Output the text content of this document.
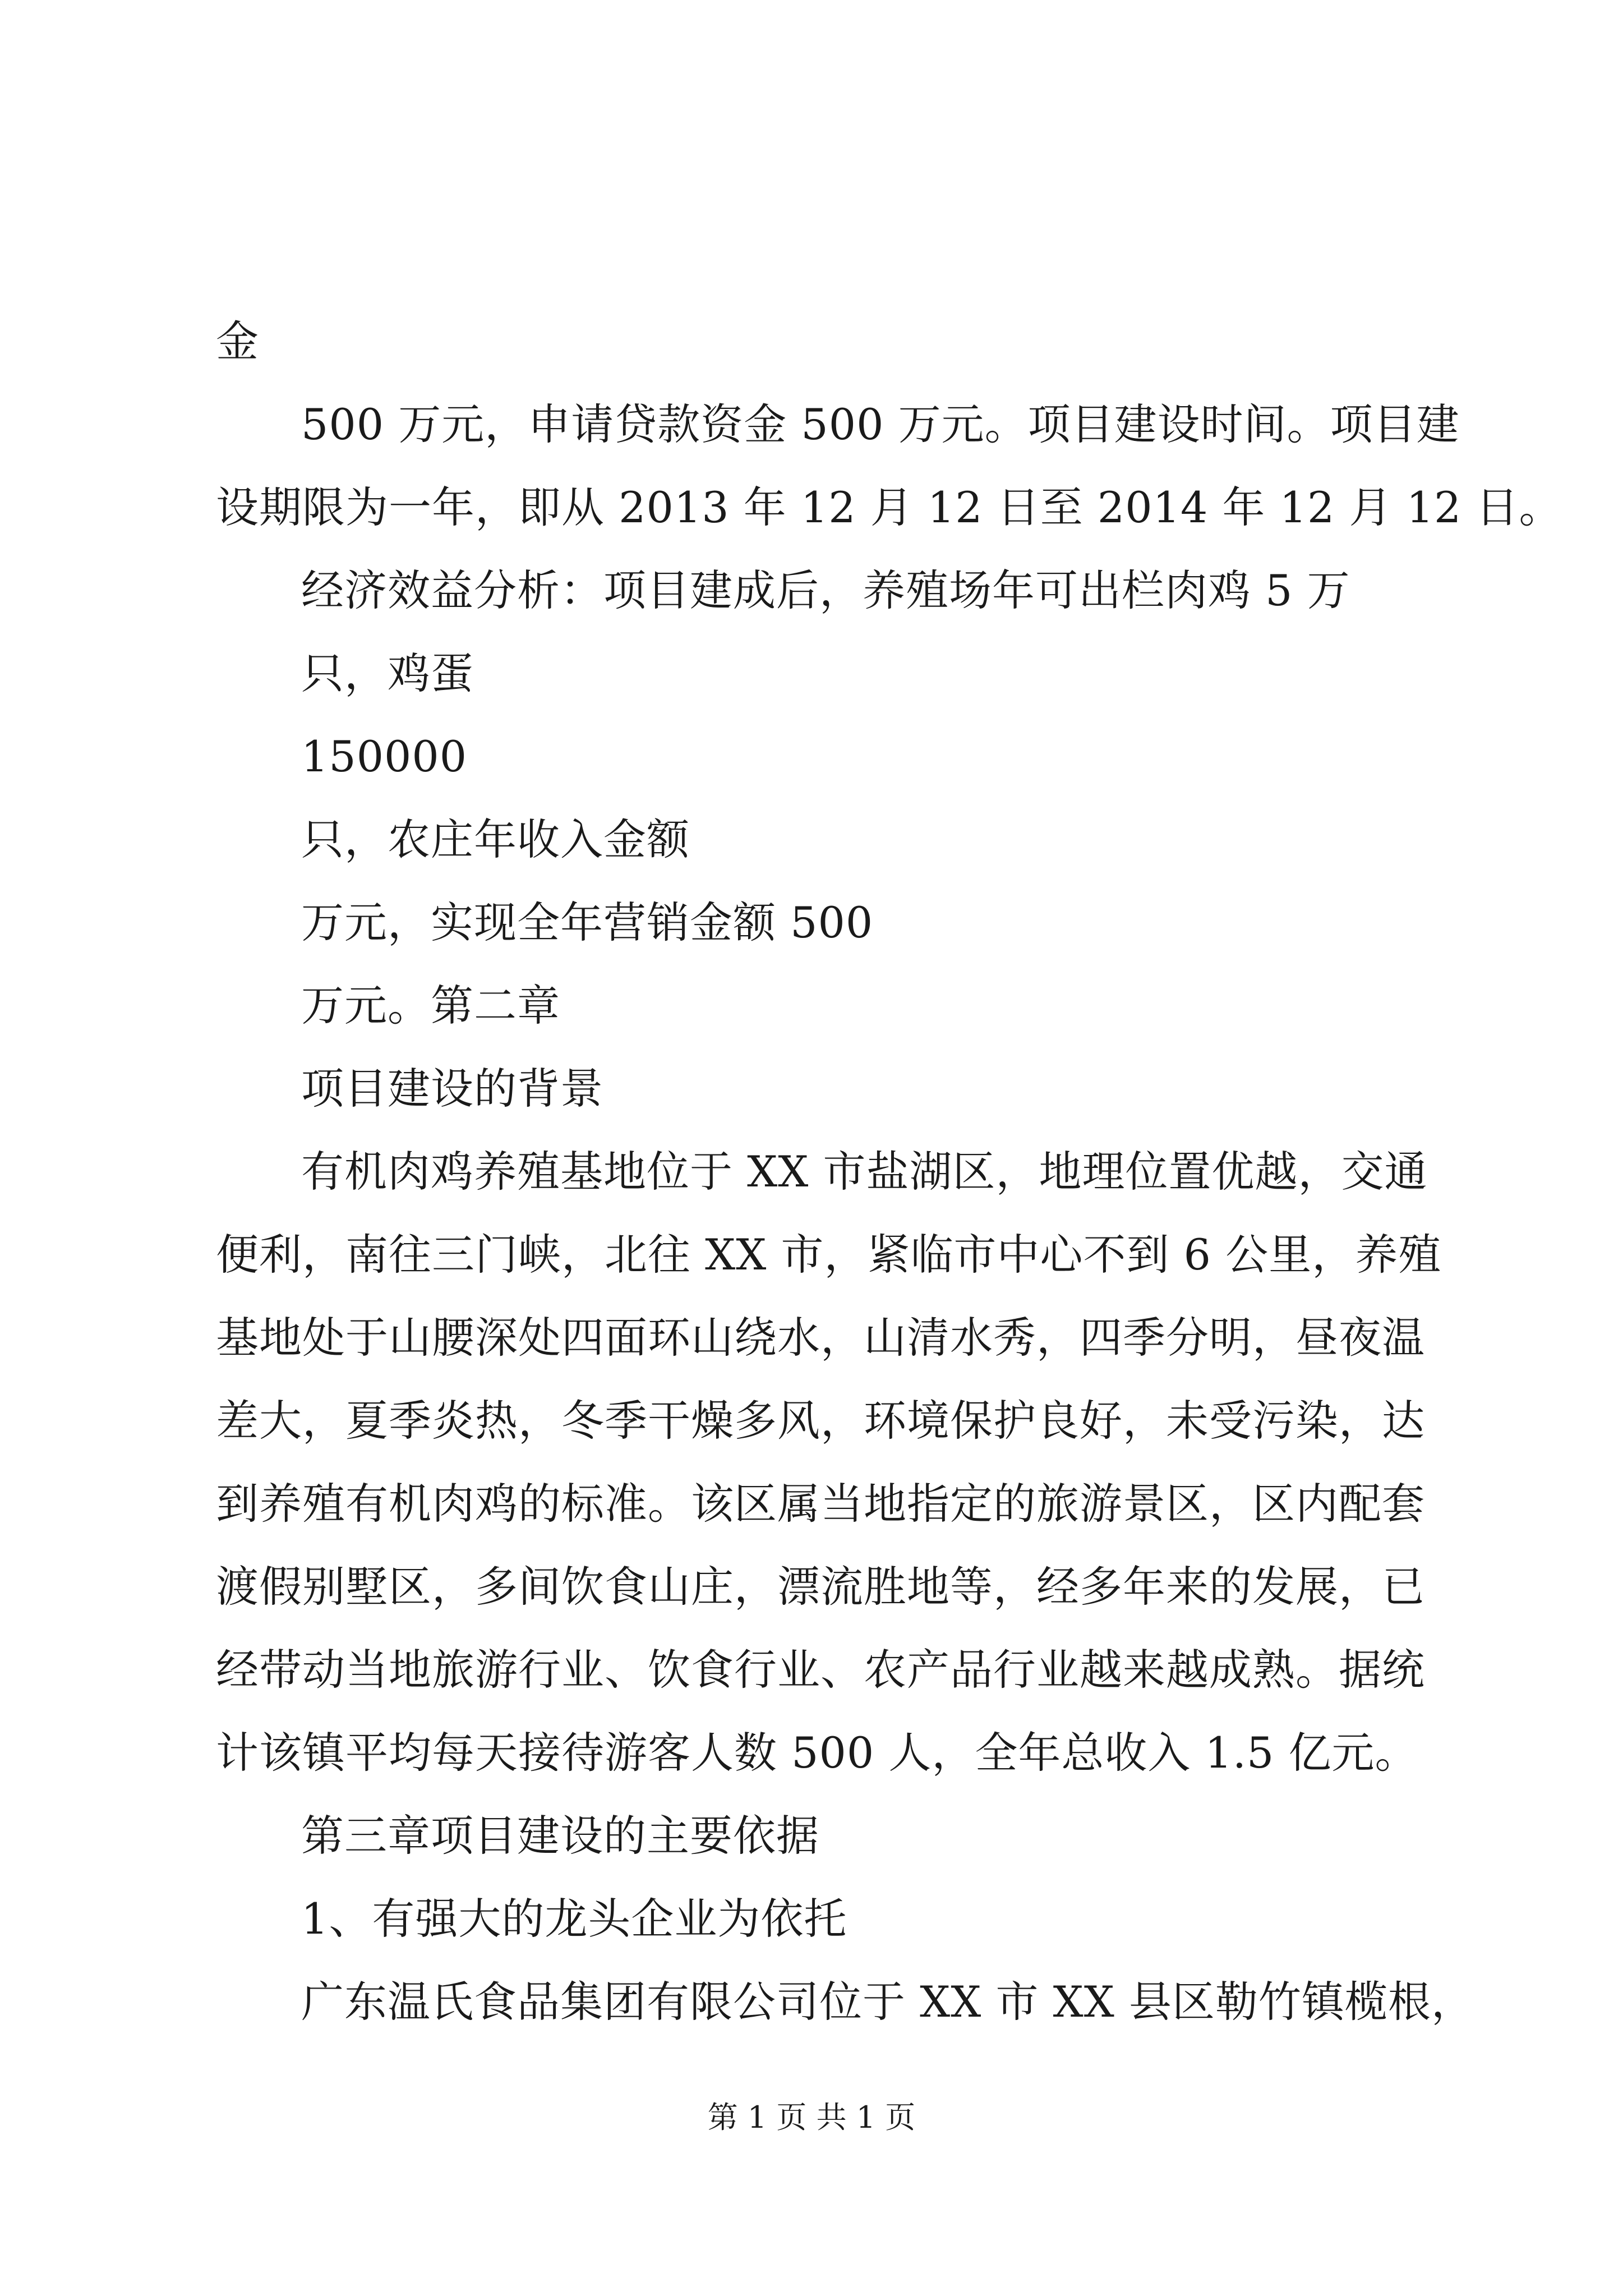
金
500 万元，申请贷款资金 500 万元。项目建设时间。项目建
设期限为一年，即从 2013 年 12 月 12 日至 2014 年 12 月 12 日。
经济效益分析：项目建成后，养殖场年可出栏肉鸡 5 万
只，鸡蛋
150000
只，农庄年收入金额
万元，实现全年营销金额 500
万元。第二章
项目建设的背景
有机肉鸡养殖基地位于 XX 市盐湖区，地理位置优越，交通
便利，南往三门峡，北往 XX 市，紧临市中心不到 6 公里，养殖
基地处于山腰深处四面环山绕水，山清水秀，四季分明，昼夜温
差大，夏季炎热，冬季干燥多风，环境保护良好，未受污染，达
到养殖有机肉鸡的标准。该区属当地指定的旅游景区，区内配套
渡假别墅区，多间饮食山庄，漂流胜地等，经多年来的发展，已
经带动当地旅游行业、饮食行业、农产品行业越来越成熟。据统
计该镇平均每天接待游客人数 500 人，全年总收入 1.5 亿元。
第三章项目建设的主要依据
1、有强大的龙头企业为依托
广东温氏食品集团有限公司位于 XX 市 XX 县区勒竹镇榄根，
第 1 页 共 1 页
